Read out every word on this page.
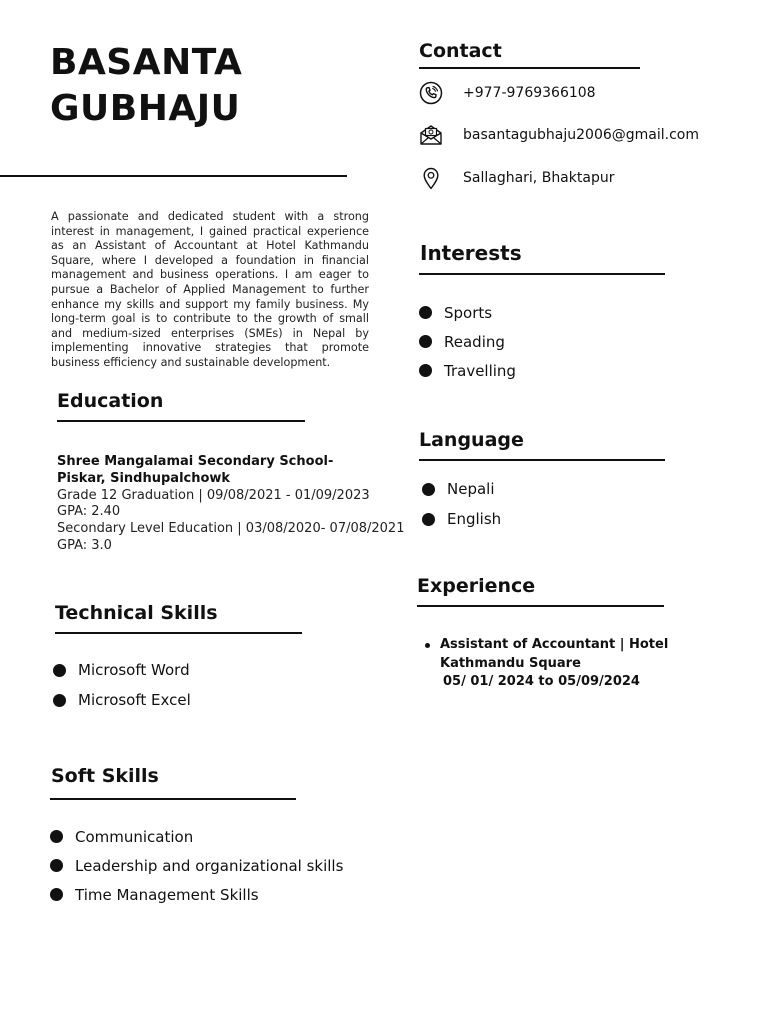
BASANTA
GUBHAJU
A passionate and dedicated student with a strong interest in management, I gained practical experience as an Assistant of Accountant at Hotel Kathmandu Square, where I developed a foundation in financial management and business operations. I am eager to pursue a Bachelor of Applied Management to further enhance my skills and support my family business. My long-term goal is to contribute to the growth of small and medium-sized enterprises (SMEs) in Nepal by implementing innovative strategies that promote business efficiency and sustainable development.
Contact
+977-9769366108
basantagubhaju2006@gmail.com
Sallaghari, Bhaktapur
Interests
Sports
Reading
Travelling
Language
Nepali
English
Experience
Assistant of Accountant | Hotel
Kathmandu Square
05/ 01/ 2024 to 05/09/2024
Education
Shree Mangalamai Secondary School-
Piskar, Sindhupalchowk
Grade 12 Graduation | 09/08/2021 - 01/09/2023
GPA: 2.40
Secondary Level Education | 03/08/2020- 07/08/2021
GPA: 3.0
Technical Skills
Microsoft Word
Microsoft Excel
Soft Skills
Communication
Leadership and organizational skills
Time Management Skills
